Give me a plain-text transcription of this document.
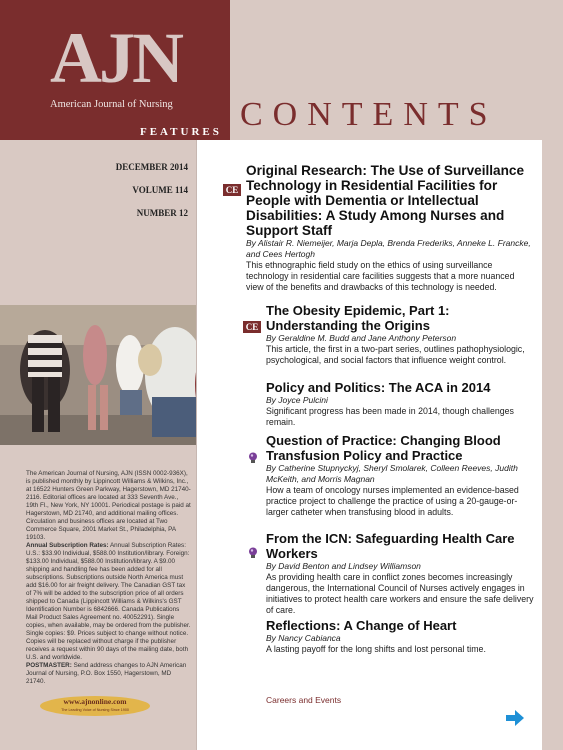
AJN
American Journal of Nursing
FEATURES CONTENTS
DECEMBER 2014
VOLUME 114
NUMBER 12
The American Journal of Nursing, AJN (ISSN 0002-936X), is published monthly by Lippincott Williams & Wilkins, Inc., at 16522 Hunters Green Parkway, Hagerstown, MD 21740-2116. Editorial offices are located at 333 Seventh Ave., 19th Fl., New York, NY 10001. Periodical postage is paid at Hagerstown, MD 21740, and additional mailing offices. Circulation and business offices are located at Two Commerce Square, 2001 Market St., Philadelphia, PA 19103.
Annual Subscription Rates: Annual Subscription Rates: U.S.: $33.90 Individual, $588.00 Institution/library. Foreign: $133.00 Individual, $588.00 Institution/library. A $9.00 shipping and handling fee has been added for all subscriptions. Subscriptions outside North America must add $16.00 for air freight delivery. The Canadian GST tax of 7% will be added to the subscription price of all orders shipped to Canada (Lippincott Williams & Wilkins's GST Identification Number is 6842666. Canada Publications Mail Product Sales Agreement no. 40052291). Single copies, when available, may be ordered from the publisher. Single copies: $9. Prices subject to change without notice. Copies will be replaced without charge if the publisher receives a request within 90 days of the mailing date, both U.S. and worldwide.
POSTMASTER: Send address changes to AJN American Journal of Nursing, P.O. Box 1550, Hagerstown, MD 21740.
www.ajnonline.com
The Leading Voice of Nursing Since 1900
CE
Original Research: The Use of Surveillance Technology in Residential Facilities for People with Dementia or Intellectual Disabilities: A Study Among Nurses and Support Staff
By Alistair R. Niemeijer, Marja Depla, Brenda Frederiks, Anneke L. Francke, and Cees Hertogh
This ethnographic field study on the ethics of using surveillance technology in residential care facilities suggests that a more nuanced view of the benefits and drawbacks of this technology is needed.
CE
The Obesity Epidemic, Part 1: Understanding the Origins
By Geraldine M. Budd and Jane Anthony Peterson
This article, the first in a two-part series, outlines pathophysiologic, psychological, and social factors that influence weight control.
Policy and Politics: The ACA in 2014
By Joyce Pulcini
Significant progress has been made in 2014, though challenges remain.
Question of Practice: Changing Blood Transfusion Policy and Practice
By Catherine Stupnyckyj, Sheryl Smolarek, Colleen Reeves, Judith McKeith, and Morris Magnan
How a team of oncology nurses implemented an evidence-based practice project to challenge the practice of using a 20-gauge-or-larger catheter when transfusing blood in adults.
From the ICN: Safeguarding Health Care Workers
By David Benton and Lindsey Williamson
As providing health care in conflict zones becomes increasingly dangerous, the International Council of Nurses actively engages in initiatives to protect health care workers and ensure the safe delivery of care.
Reflections: A Change of Heart
By Nancy Cabianca
A lasting payoff for the long shifts and lost personal time.
Careers and Events
